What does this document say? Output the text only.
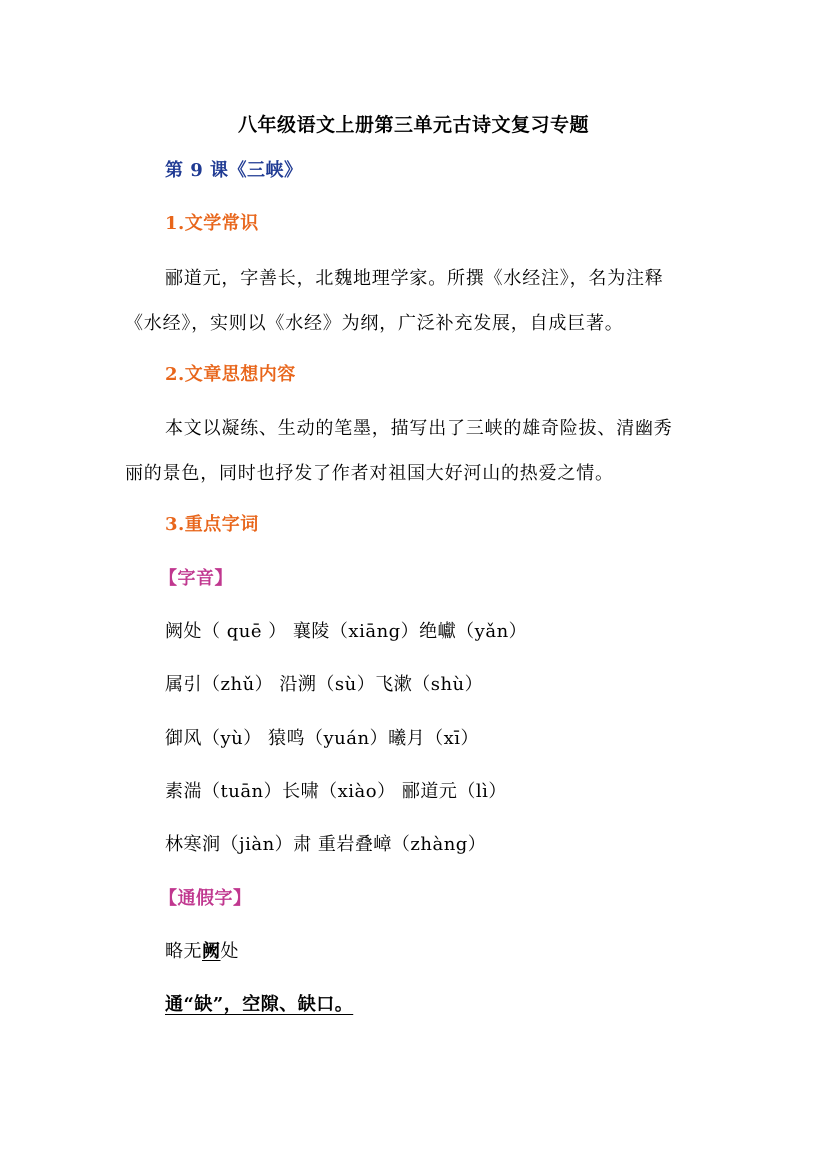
八年级语文上册第三单元古诗文复习专题
第 9 课《三峡》
1.文学常识
郦道元，字善长，北魏地理学家。所撰《水经注》，名为注释
《水经》，实则以《水经》为纲，广泛补充发展，自成巨著。
2.文章思想内容
本文以凝练、生动的笔墨，描写出了三峡的雄奇险拔、清幽秀
丽的景色，同时也抒发了作者对祖国大好河山的热爱之情。
3.重点字词
【字音】
阙处（ quē ） 襄陵（xiāng）绝巘（yǎn）
属引（zhǔ） 沿溯（sù）飞漱（shù）
御风（yù） 猿鸣（yuán）曦月（xī）
素湍（tuān）长啸（xiào） 郦道元（lì）
林寒涧（jiàn）肃 重岩叠嶂（zhàng）
【通假字】
略无阙处
通“缺”，空隙、缺口。
